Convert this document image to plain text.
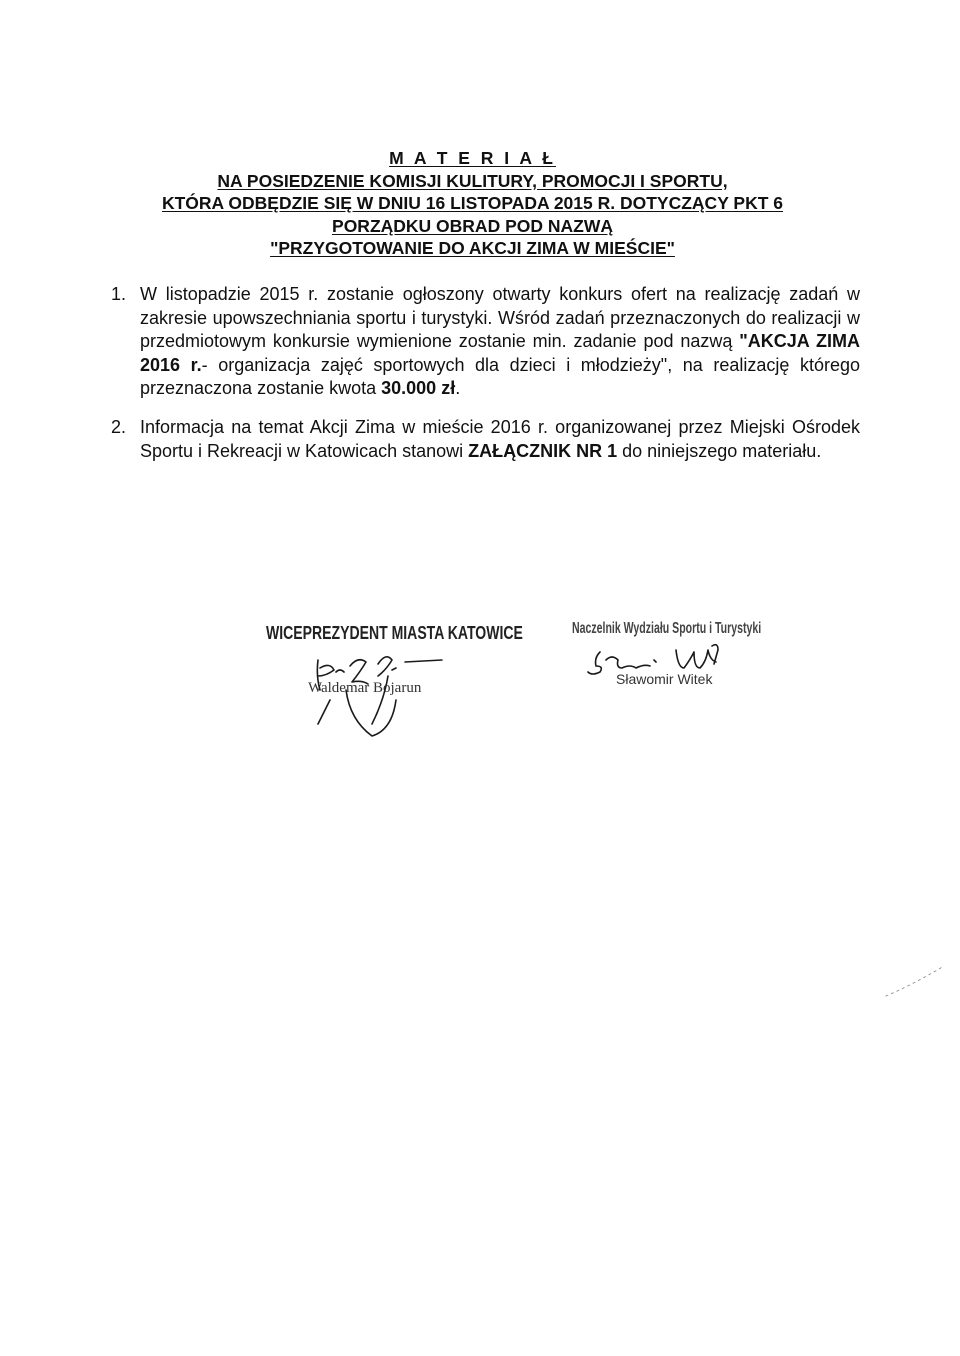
M A T E R I A Ł
NA POSIEDZENIE KOMISJI KULITURY, PROMOCJI I SPORTU,
KTÓRA ODBĘDZIE SIĘ W DNIU 16 LISTOPADA 2015 R. DOTYCZĄCY PKT 6
PORZĄDKU OBRAD POD NAZWĄ
"PRZYGOTOWANIE DO AKCJI ZIMA W MIEŚCIE"
1. W listopadzie 2015 r. zostanie ogłoszony otwarty konkurs ofert na realizację zadań w zakresie upowszechniania sportu i turystyki. Wśród zadań przeznaczonych do realizacji w przedmiotowym konkursie wymienione zostanie min. zadanie pod nazwą "AKCJA ZIMA 2016 r.- organizacja zajęć sportowych dla dzieci i młodzieży", na realizację którego przeznaczona zostanie kwota 30.000 zł.
2. Informacja na temat Akcji Zima w mieście 2016 r. organizowanej przez Miejski Ośrodek Sportu i Rekreacji w Katowicach stanowi ZAŁĄCZNIK NR 1 do niniejszego materiału.
WICEPREZYDENT MIASTA KATOWICE
Waldemar Bojarun
Naczelnik Wydziału Sportu i Turystyki
Sławomir Witek
